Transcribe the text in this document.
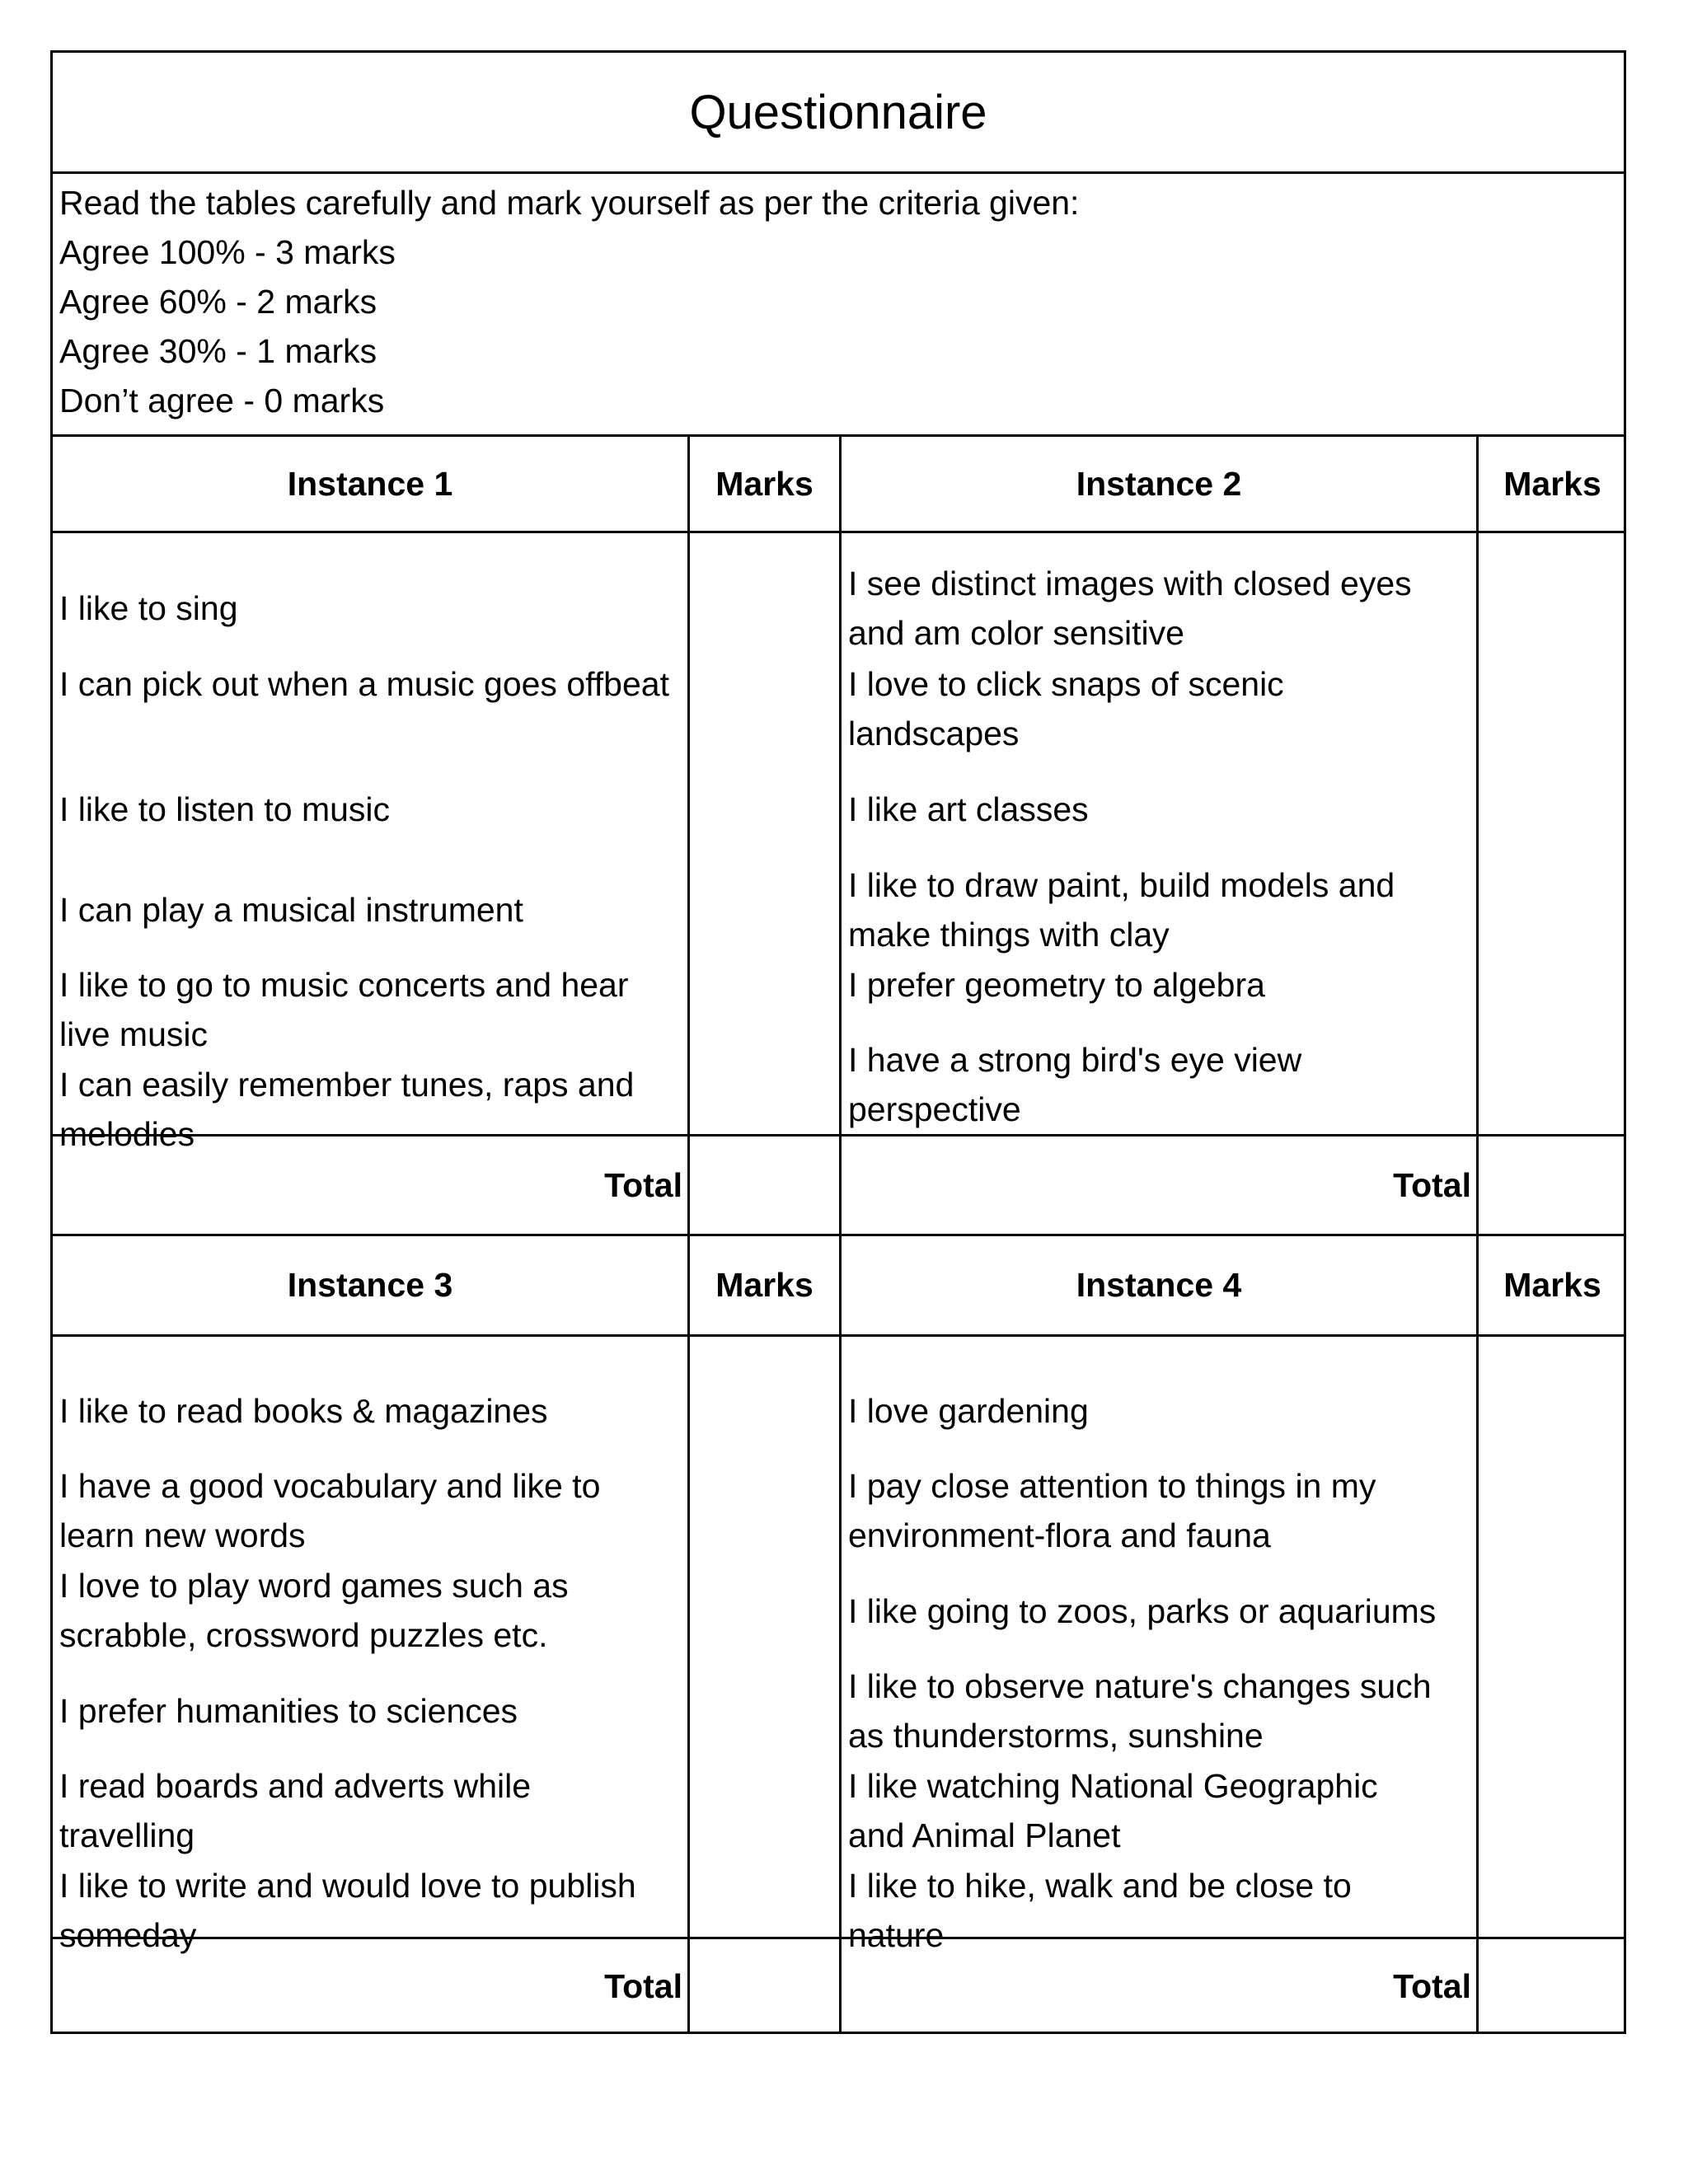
Questionnaire
Read the tables carefully and mark yourself as per the criteria given:
Agree 100% - 3 marks
Agree 60% - 2 marks
Agree 30% - 1 marks
Don’t agree - 0 marks
Instance 1	Marks
I like to sing
I can pick out when a music goes offbeat
I like to listen to music
I can play a musical instrument
I like to go to music concerts and hear live music
I can easily remember tunes, raps and melodies
Total
Instance 2	Marks
I see distinct images with closed eyes and am color sensitive
I love to click snaps of scenic landscapes
I like art classes
I like to draw paint, build models and make things with clay
I prefer geometry to algebra
I have a strong bird's eye view perspective
Total
Instance 3	Marks
I like to read books & magazines
I have a good vocabulary and like to learn new words
I love to play word games such as scrabble, crossword puzzles etc.
I prefer humanities to sciences
I read boards and adverts while travelling
I like to write and would love to publish someday
Total
Instance 4	Marks
I love gardening
I pay close attention to things in my environment-flora and fauna
I like going to zoos, parks or aquariums
I like to observe nature's changes such as thunderstorms, sunshine
I like watching National Geographic and Animal Planet
I like to hike, walk and be close to nature
Total
